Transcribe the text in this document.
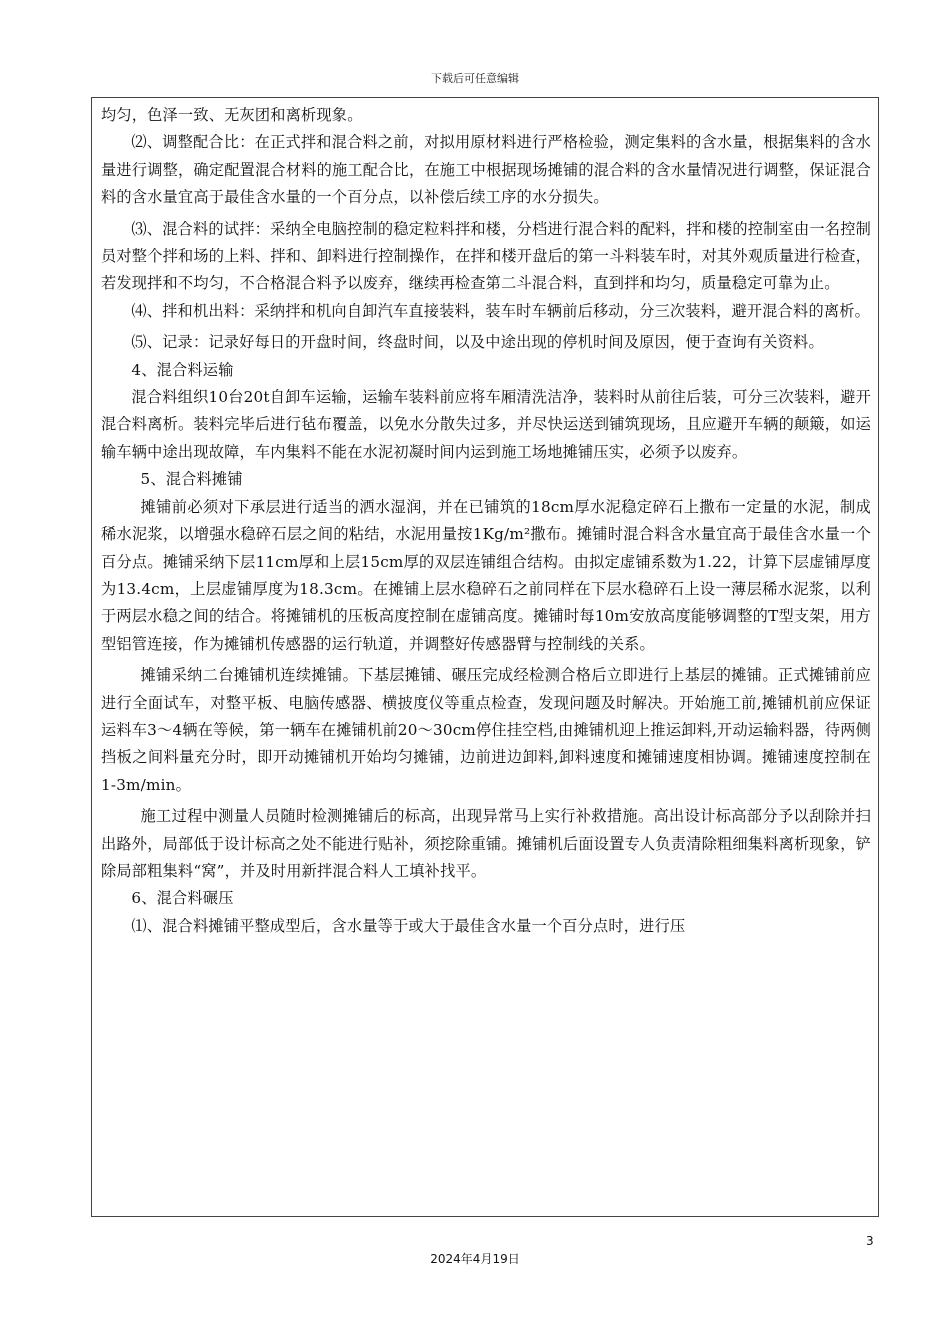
下载后可任意编辑

均匀，色泽一致、无灰团和离析现象。

⑵、调整配合比：在正式拌和混合料之前，对拟用原材料进行严格检验，测定集料的含水量，根据集料的含水量进行调整，确定配置混合材料的施工配合比，在施工中根据现场摊铺的混合料的含水量情况进行调整，保证混合料的含水量宜高于最佳含水量的一个百分点，以补偿后续工序的水分损失。

⑶、混合料的试拌：采纳全电脑控制的稳定粒料拌和楼，分档进行混合料的配料，拌和楼的控制室由一名控制员对整个拌和场的上料、拌和、卸料进行控制操作，在拌和楼开盘后的第一斗料装车时，对其外观质量进行检查，若发现拌和不均匀，不合格混合料予以废弃，继续再检查第二斗混合料，直到拌和均匀，质量稳定可靠为止。

⑷、拌和机出料：采纳拌和机向自卸汽车直接装料，装车时车辆前后移动，分三次装料，避开混合料的离析。

⑸、记录：记录好每日的开盘时间，终盘时间，以及中途出现的停机时间及原因，便于查询有关资料。

4、混合料运输

混合料组织10台20t自卸车运输，运输车装料前应将车厢清洗洁净，装料时从前往后装，可分三次装料，避开混合料离析。装料完毕后进行毡布覆盖，以免水分散失过多，并尽快运送到铺筑现场，且应避开车辆的颠簸，如运输车辆中途出现故障，车内集料不能在水泥初凝时间内运到施工场地摊铺压实，必须予以废弃。

5、混合料摊铺

摊铺前必须对下承层进行适当的洒水湿润，并在已铺筑的18cm厚水泥稳定碎石上撒布一定量的水泥，制成稀水泥浆，以增强水稳碎石层之间的粘结，水泥用量按1Kg/m²撒布。摊铺时混合料含水量宜高于最佳含水量一个百分点。摊铺采纳下层11cm厚和上层15cm厚的双层连铺组合结构。由拟定虚铺系数为1.22，计算下层虚铺厚度为13.4cm，上层虚铺厚度为18.3cm。在摊铺上层水稳碎石之前同样在下层水稳碎石上设一薄层稀水泥浆，以利于两层水稳之间的结合。将摊铺机的压板高度控制在虚铺高度。摊铺时每10m安放高度能够调整的T型支架，用方型铝管连接，作为摊铺机传感器的运行轨道，并调整好传感器臂与控制线的关系。

摊铺采纳二台摊铺机连续摊铺。下基层摊铺、碾压完成经检测合格后立即进行上基层的摊铺。正式摊铺前应进行全面试车，对整平板、电脑传感器、横披度仪等重点检查，发现问题及时解决。开始施工前,摊铺机前应保证运料车3～4辆在等候，第一辆车在摊铺机前20～30cm停住挂空档,由摊铺机迎上推运卸料,开动运输料器，待两侧挡板之间料量充分时，即开动摊铺机开始均匀摊铺，边前进边卸料,卸料速度和摊铺速度相协调。摊铺速度控制在1-3m/min。

施工过程中测量人员随时检测摊铺后的标高，出现异常马上实行补救措施。高出设计标高部分予以刮除并扫出路外，局部低于设计标高之处不能进行贴补，须挖除重铺。摊铺机后面设置专人负责清除粗细集料离析现象，铲除局部粗集料“窝”，并及时用新拌混合料人工填补找平。

6、混合料碾压

⑴、混合料摊铺平整成型后，含水量等于或大于最佳含水量一个百分点时，进行压

3
2024年4月19日
